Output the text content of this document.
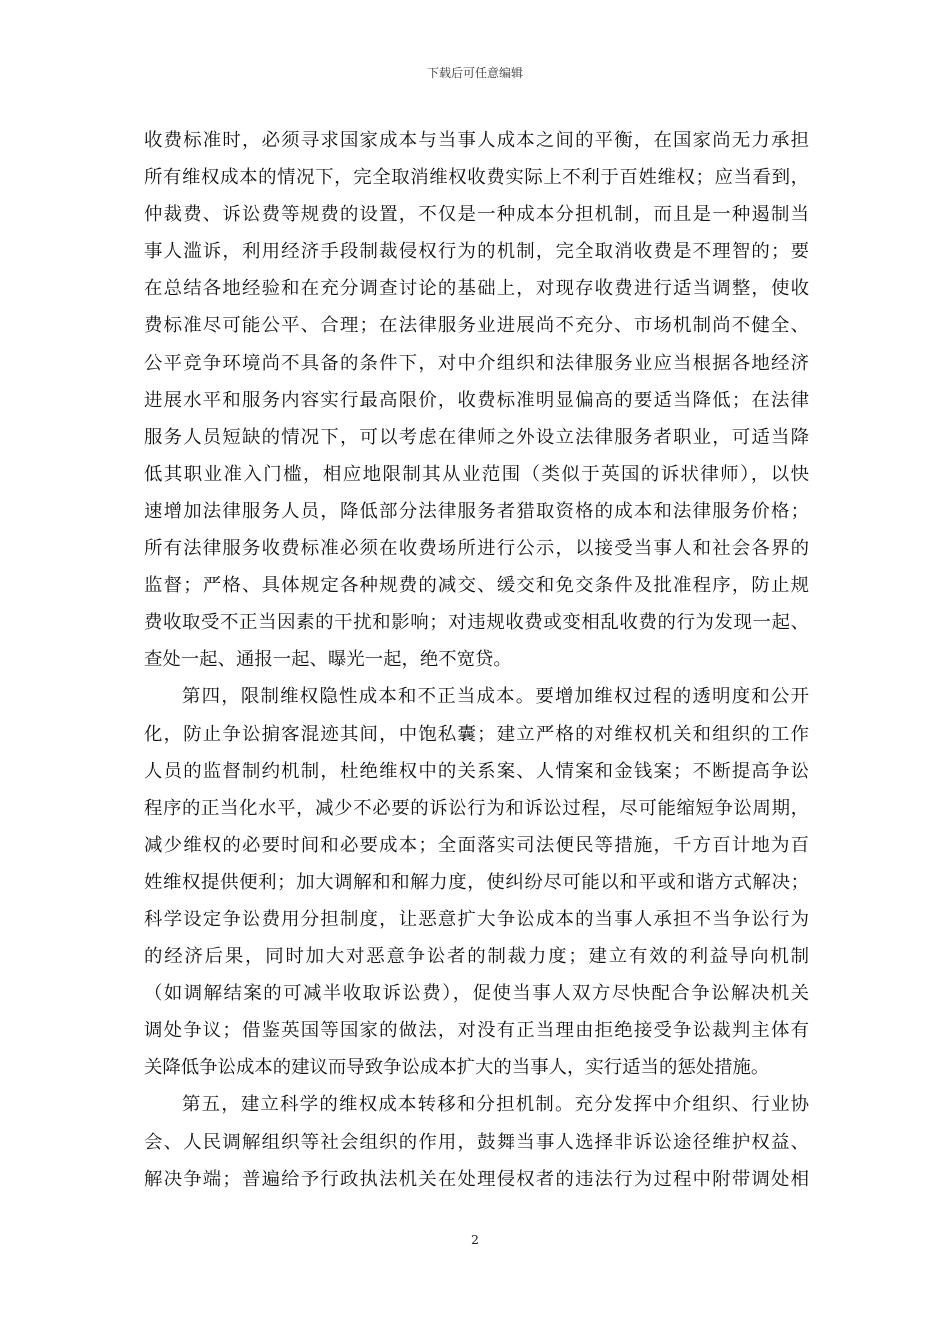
下载后可任意编辑
收费标准时，必须寻求国家成本与当事人成本之间的平衡，在国家尚无力承担
所有维权成本的情况下，完全取消维权收费实际上不利于百姓维权；应当看到，
仲裁费、诉讼费等规费的设置，不仅是一种成本分担机制，而且是一种遏制当
事人滥诉，利用经济手段制裁侵权行为的机制，完全取消收费是不理智的；要
在总结各地经验和在充分调查讨论的基础上，对现存收费进行适当调整，使收
费标准尽可能公平、合理；在法律服务业进展尚不充分、市场机制尚不健全、
公平竞争环境尚不具备的条件下，对中介组织和法律服务业应当根据各地经济
进展水平和服务内容实行最高限价，收费标准明显偏高的要适当降低；在法律
服务人员短缺的情况下，可以考虑在律师之外设立法律服务者职业，可适当降
低其职业准入门槛，相应地限制其从业范围（类似于英国的诉状律师），以快
速增加法律服务人员，降低部分法律服务者猎取资格的成本和法律服务价格；
所有法律服务收费标准必须在收费场所进行公示，以接受当事人和社会各界的
监督；严格、具体规定各种规费的减交、缓交和免交条件及批准程序，防止规
费收取受不正当因素的干扰和影响；对违规收费或变相乱收费的行为发现一起、
查处一起、通报一起、曝光一起，绝不宽贷。
第四，限制维权隐性成本和不正当成本。要增加维权过程的透明度和公开
化，防止争讼掮客混迹其间，中饱私囊；建立严格的对维权机关和组织的工作
人员的监督制约机制，杜绝维权中的关系案、人情案和金钱案；不断提高争讼
程序的正当化水平，减少不必要的诉讼行为和诉讼过程，尽可能缩短争讼周期，
减少维权的必要时间和必要成本；全面落实司法便民等措施，千方百计地为百
姓维权提供便利；加大调解和和解力度，使纠纷尽可能以和平或和谐方式解决；
科学设定争讼费用分担制度，让恶意扩大争讼成本的当事人承担不当争讼行为
的经济后果，同时加大对恶意争讼者的制裁力度；建立有效的利益导向机制
（如调解结案的可减半收取诉讼费），促使当事人双方尽快配合争讼解决机关
调处争议；借鉴英国等国家的做法，对没有正当理由拒绝接受争讼裁判主体有
关降低争讼成本的建议而导致争讼成本扩大的当事人，实行适当的惩处措施。
第五，建立科学的维权成本转移和分担机制。充分发挥中介组织、行业协
会、人民调解组织等社会组织的作用，鼓舞当事人选择非诉讼途径维护权益、
解决争端；普遍给予行政执法机关在处理侵权者的违法行为过程中附带调处相
2
